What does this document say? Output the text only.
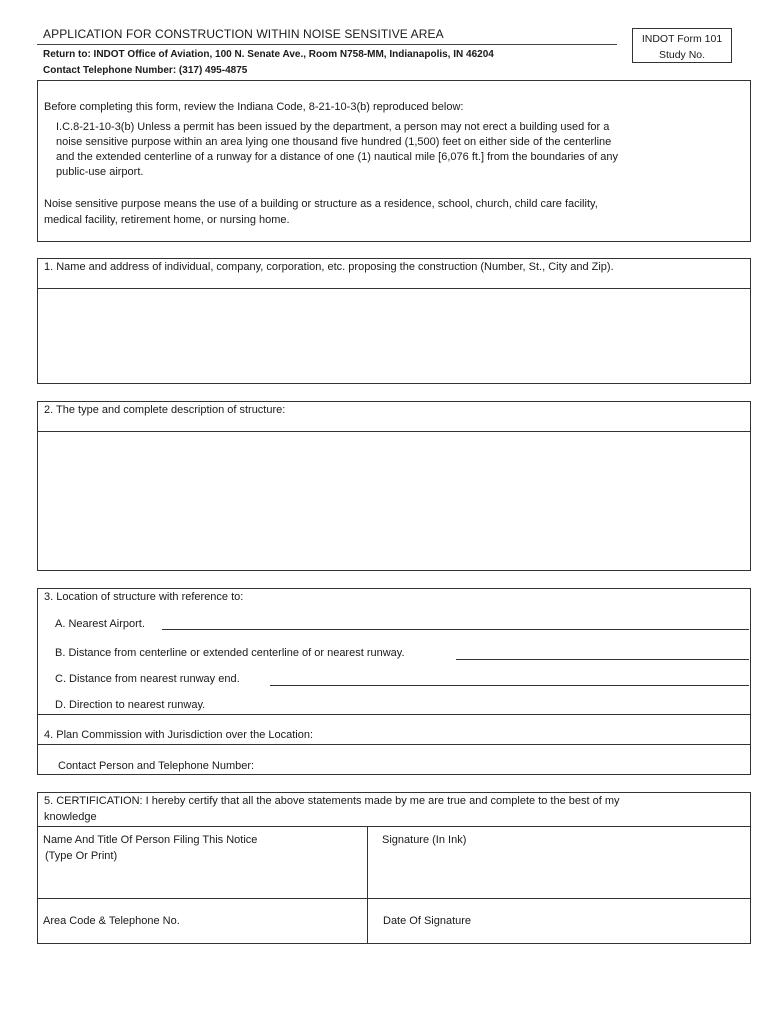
APPLICATION FOR CONSTRUCTION WITHIN NOISE SENSITIVE AREA
Return to: INDOT Office of Aviation, 100 N. Senate Ave., Room N758-MM, Indianapolis, IN 46204
Contact Telephone Number: (317) 495-4875
INDOT Form 101
Study No.

Before completing this form, review the Indiana Code, 8-21-10-3(b) reproduced below:

I.C.8-21-10-3(b) Unless a permit has been issued by the department, a person may not erect a building used for a

noise sensitive purpose within an area lying one thousand five hundred (1,500) feet on either side of the centerline

and the extended centerline of a runway for a distance of one (1) nautical mile [6,076 ft.] from the boundaries of any

public-use airport.

Noise sensitive purpose means the use of a building or structure as a residence, school, church, child care facility,

medical facility, retirement home, or nursing home.

1. Name and address of individual, company, corporation, etc. proposing the construction (Number, St., City and Zip).
2. The type and complete description of structure:
3. Location of structure with reference to:
A. Nearest Airport.
B. Distance from centerline or extended centerline of or nearest runway.
C. Distance from nearest runway end.
D. Direction to nearest runway.
4. Plan Commission with Jurisdiction over the Location:
Contact Person and Telephone Number:
5. CERTIFICATION: I hereby certify that all the above statements made by me are true and complete to the best of my
knowledge
Name And Title Of Person Filing This Notice
(Type Or Print)
Signature (In Ink)
Area Code & Telephone No.	Date Of Signature
